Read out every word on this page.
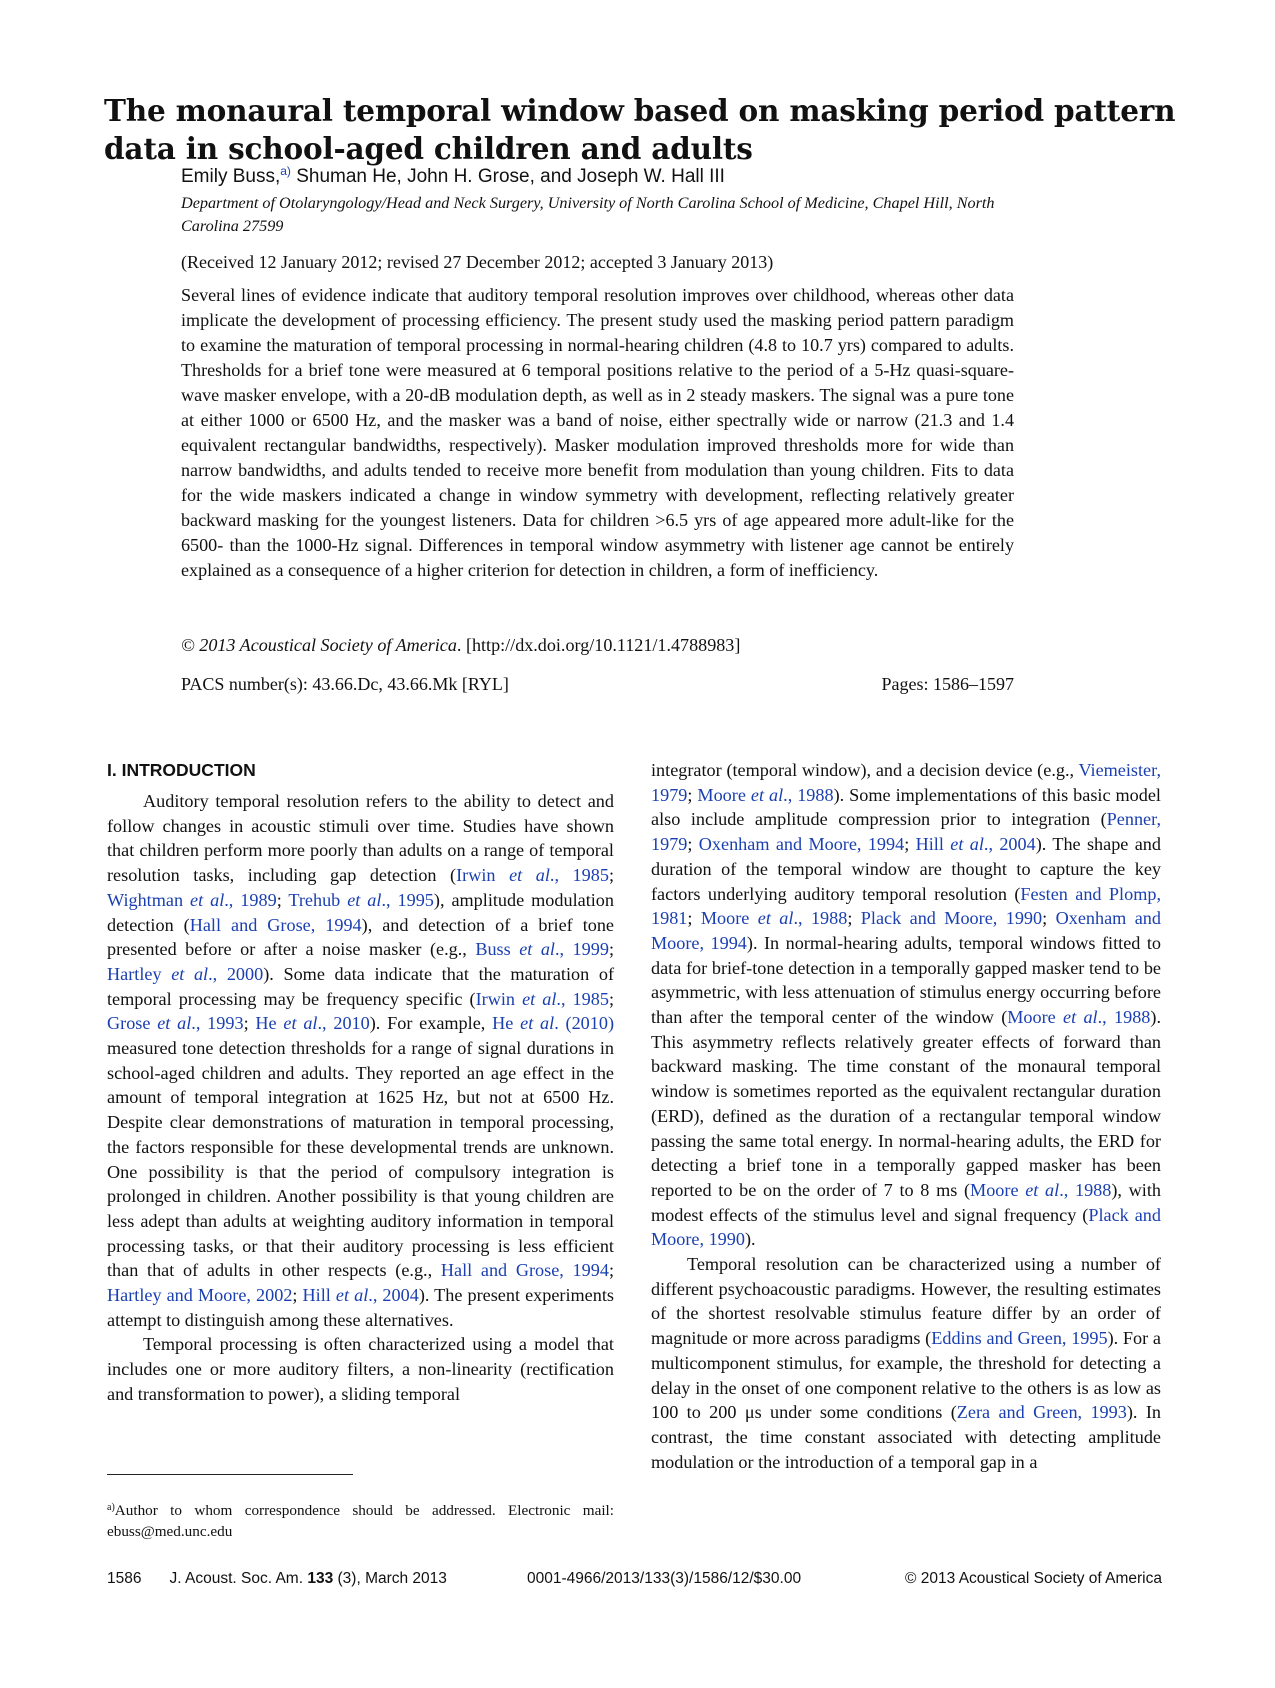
The monaural temporal window based on masking period pattern data in school-aged children and adults
Emily Buss,$^{a)}$ Shuman He, John H. Grose, and Joseph W. Hall III
Department of Otolaryngology/Head and Neck Surgery, University of North Carolina School of Medicine, Chapel Hill, North Carolina 27599
(Received 12 January 2012; revised 27 December 2012; accepted 3 January 2013)
Several lines of evidence indicate that auditory temporal resolution improves over childhood, whereas other data implicate the development of processing efficiency. The present study used the masking period pattern paradigm to examine the maturation of temporal processing in normal-hearing children (4.8 to 10.7 yrs) compared to adults. Thresholds for a brief tone were measured at 6 temporal positions relative to the period of a 5-Hz quasi-square-wave masker envelope, with a 20-dB modulation depth, as well as in 2 steady maskers. The signal was a pure tone at either 1000 or 6500 Hz, and the masker was a band of noise, either spectrally wide or narrow (21.3 and 1.4 equivalent rectangular bandwidths, respectively). Masker modulation improved thresholds more for wide than narrow bandwidths, and adults tended to receive more benefit from modulation than young children. Fits to data for the wide maskers indicated a change in window symmetry with development, reflecting relatively greater backward masking for the youngest listeners. Data for children >6.5 yrs of age appeared more adult-like for the 6500- than the 1000-Hz signal. Differences in temporal window asymmetry with listener age cannot be entirely explained as a consequence of a higher criterion for detection in children, a form of inefficiency.
© 2013 Acoustical Society of America. [http://dx.doi.org/10.1121/1.4788983]
PACS number(s): 43.66.Dc, 43.66.Mk [RYL]	Pages: 1586–1597
I. INTRODUCTION

Auditory temporal resolution refers to the ability to detect and follow changes in acoustic stimuli over time. Studies have shown that children perform more poorly than adults on a range of temporal resolution tasks, including gap detection (Irwin et al., 1985; Wightman et al., 1989; Trehub et al., 1995), amplitude modulation detection (Hall and Grose, 1994), and detection of a brief tone presented before or after a noise masker (e.g., Buss et al., 1999; Hartley et al., 2000). Some data indicate that the maturation of temporal processing may be frequency specific (Irwin et al., 1985; Grose et al., 1993; He et al., 2010). For example, He et al. (2010) measured tone detection thresholds for a range of signal durations in school-aged children and adults. They reported an age effect in the amount of temporal integration at 1625 Hz, but not at 6500 Hz. Despite clear demonstrations of maturation in temporal processing, the factors responsible for these developmental trends are unknown. One possibility is that the period of compulsory integration is prolonged in children. Another possibility is that young children are less adept than adults at weighting auditory information in temporal processing tasks, or that their auditory processing is less efficient than that of adults in other respects (e.g., Hall and Grose, 1994; Hartley and Moore, 2002; Hill et al., 2004). The present experiments attempt to distinguish among these alternatives.

Temporal processing is often characterized using a model that includes one or more auditory filters, a non-linearity (rectification and transformation to power), a sliding temporal

integrator (temporal window), and a decision device (e.g., Viemeister, 1979; Moore et al., 1988). Some implementations of this basic model also include amplitude compression prior to integration (Penner, 1979; Oxenham and Moore, 1994; Hill et al., 2004). The shape and duration of the temporal window are thought to capture the key factors underlying auditory temporal resolution (Festen and Plomp, 1981; Moore et al., 1988; Plack and Moore, 1990; Oxenham and Moore, 1994). In normal-hearing adults, temporal windows fitted to data for brief-tone detection in a temporally gapped masker tend to be asymmetric, with less attenuation of stimulus energy occurring before than after the temporal center of the window (Moore et al., 1988). This asymmetry reflects relatively greater effects of forward than backward masking. The time constant of the monaural temporal window is sometimes reported as the equivalent rectangular duration (ERD), defined as the duration of a rectangular temporal window passing the same total energy. In normal-hearing adults, the ERD for detecting a brief tone in a temporally gapped masker has been reported to be on the order of 7 to 8 ms (Moore et al., 1988), with modest effects of the stimulus level and signal frequency (Plack and Moore, 1990).

Temporal resolution can be characterized using a number of different psychoacoustic paradigms. However, the resulting estimates of the shortest resolvable stimulus feature differ by an order of magnitude or more across paradigms (Eddins and Green, 1995). For a multicomponent stimulus, for example, the threshold for detecting a delay in the onset of one component relative to the others is as low as 100 to 200 μs under some conditions (Zera and Green, 1993). In contrast, the time constant associated with detecting amplitude modulation or the introduction of a temporal gap in a

$^{a)}$Author to whom correspondence should be addressed. Electronic mail: ebuss@med.unc.edu
1586 J. Acoust. Soc. Am. 133 (3), March 2013	0001-4966/2013/133(3)/1586/12/$30.00	© 2013 Acoustical Society of America
